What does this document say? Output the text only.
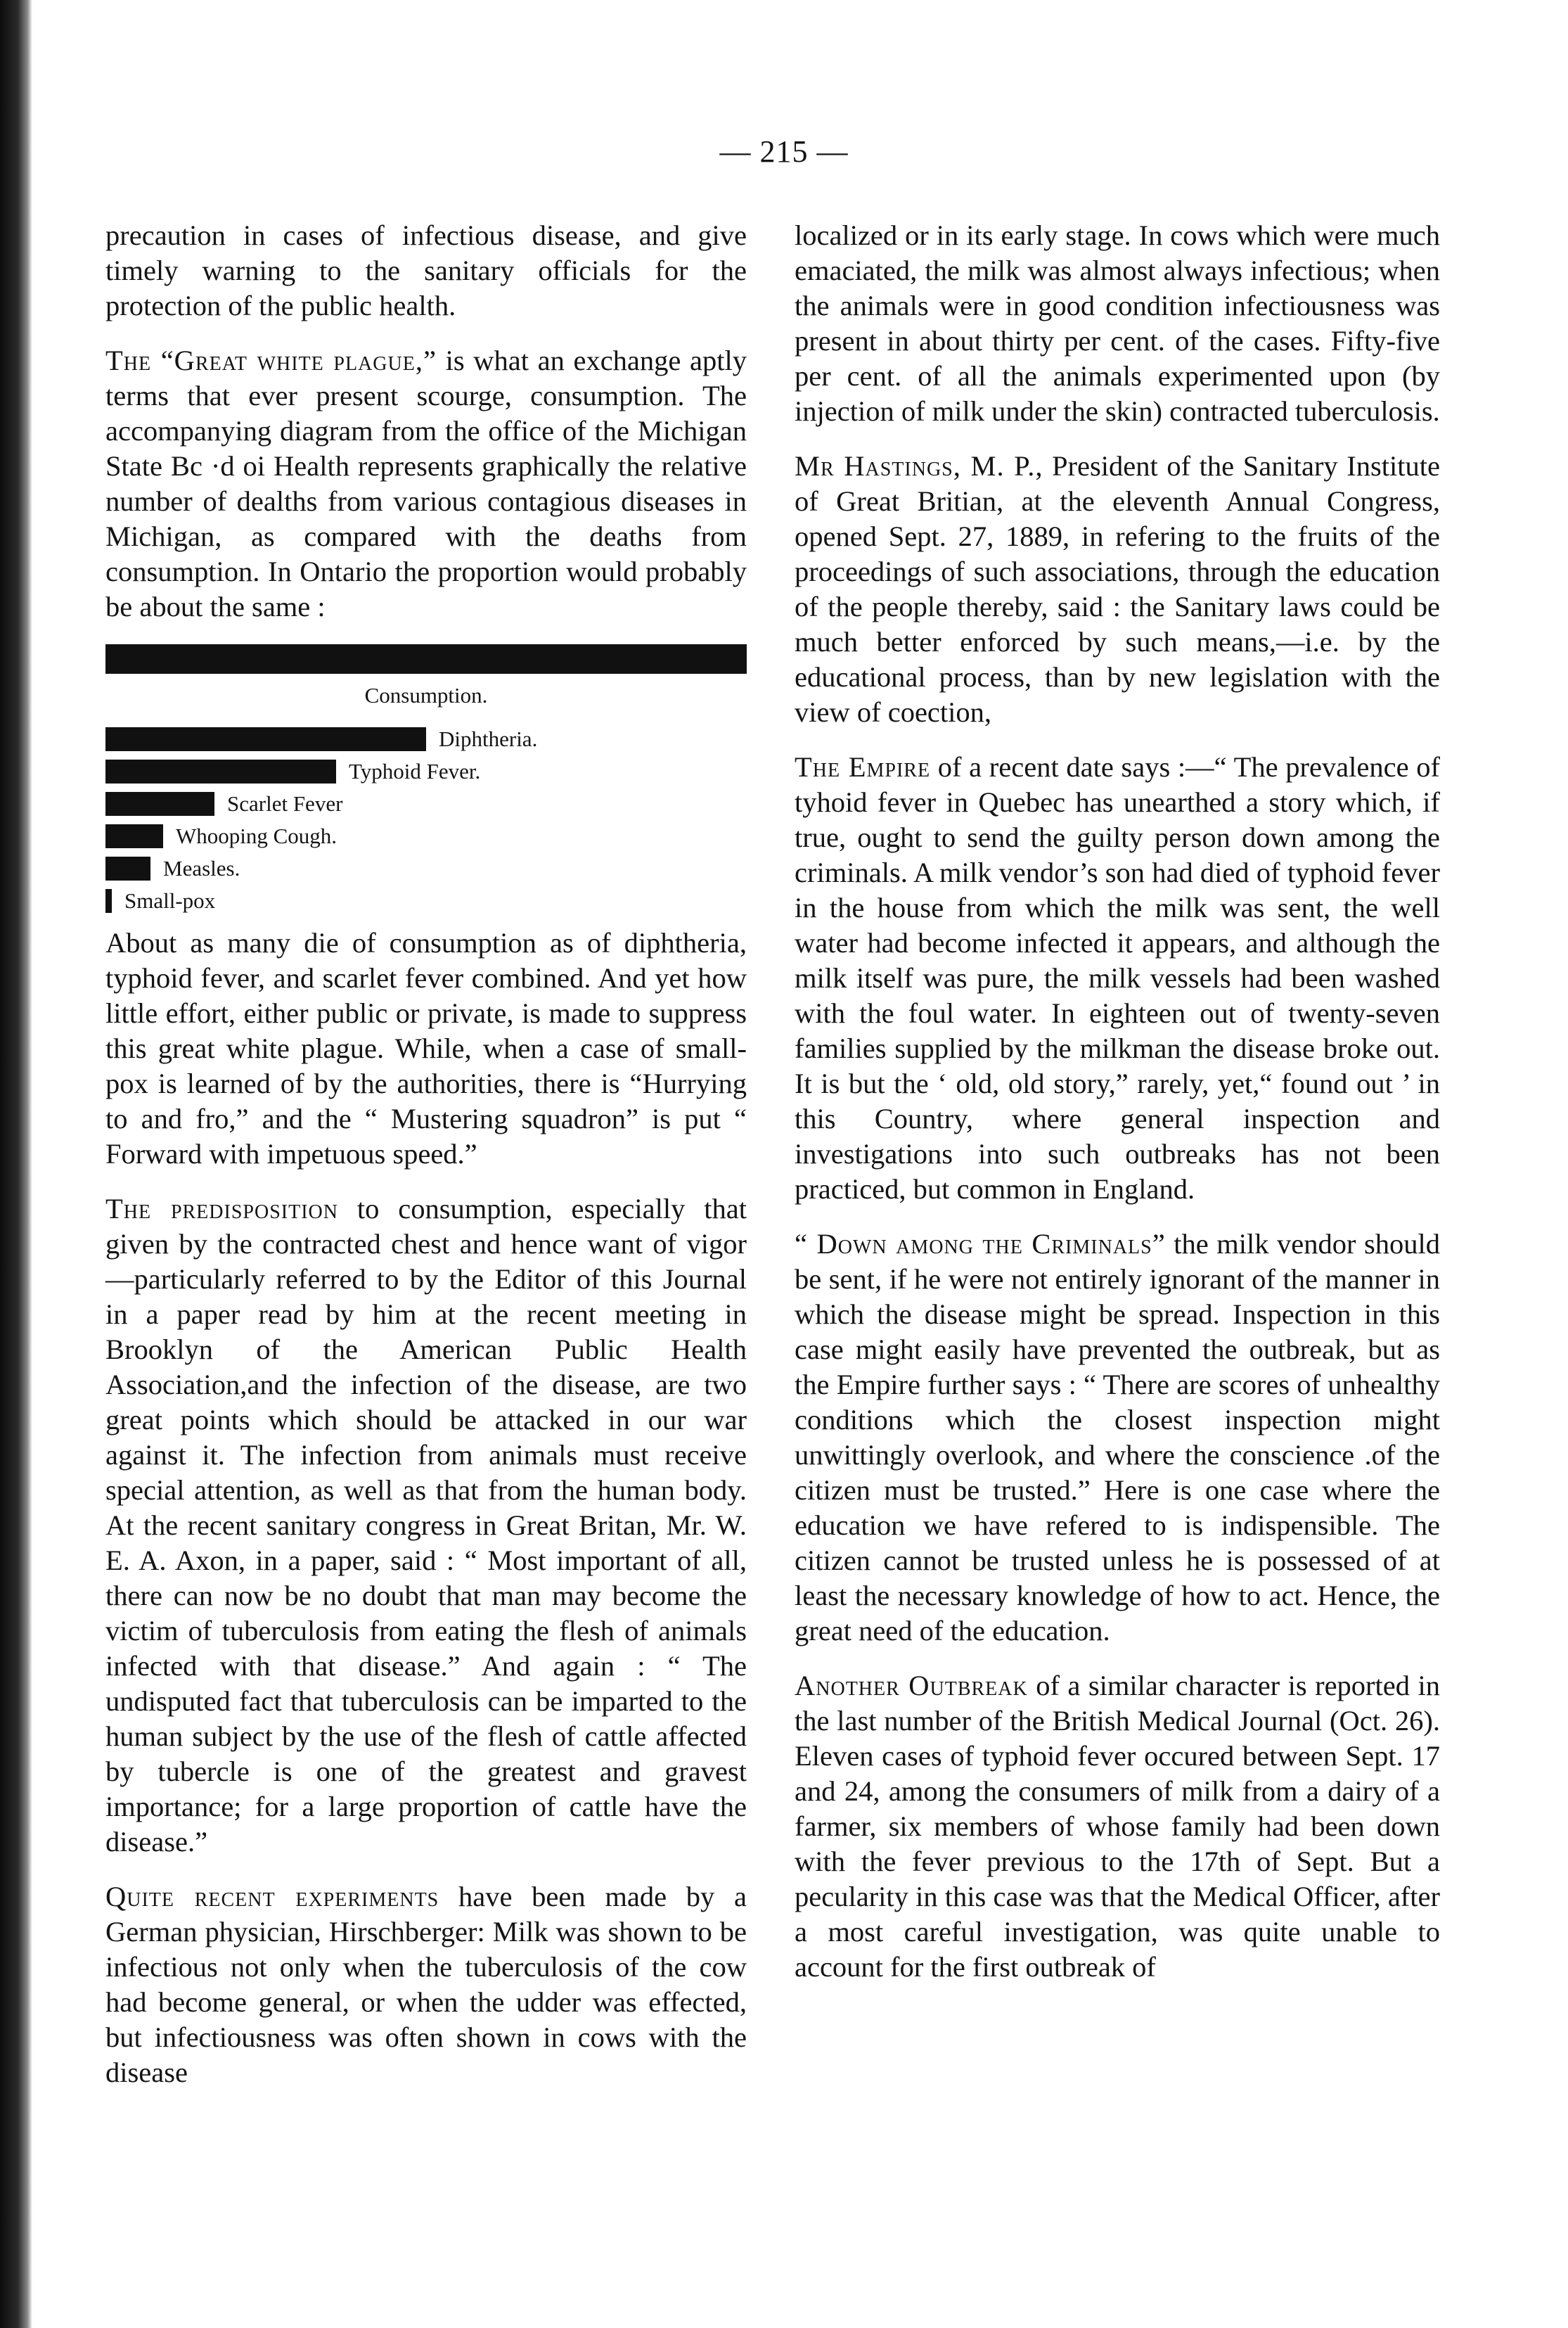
— 215 —

precaution in cases of infectious disease, and give timely warning to the sanitary officials for the protection of the public health.

The “Great white plague,” is what an exchange aptly terms that ever present scourge, consumption. The accompanying diagram from the office of the Michigan State Bc ·d oi Health represents graphically the relative number of dealths from various contagious diseases in Michigan, as compared with the deaths from consumption. In Ontario the proportion would probably be about the same :

Consumption.
Diphtheria.
Typhoid Fever.
Scarlet Fever
Whooping Cough.
Measles.
Small-pox

About as many die of consumption as of diphtheria, typhoid fever, and scarlet fever combined. And yet how little effort, either public or private, is made to suppress this great white plague. While, when a case of small-pox is learned of by the authorities, there is “Hurrying to and fro,” and the “ Mustering squadron” is put “ Forward with impetuous speed.”

The predisposition to consumption, especially that given by the contracted chest and hence want of vigor—particularly referred to by the Editor of this Journal in a paper read by him at the recent meeting in Brooklyn of the American Public Health Association,and the infection of the disease, are two great points which should be attacked in our war against it. The infection from animals must receive special attention, as well as that from the human body. At the recent sanitary congress in Great Britan, Mr. W. E. A. Axon, in a paper, said : “ Most important of all, there can now be no doubt that man may become the victim of tuberculosis from eating the flesh of animals infected with that disease.” And again : “ The undisputed fact that tuberculosis can be imparted to the human subject by the use of the flesh of cattle affected by tubercle is one of the greatest and gravest importance; for a large proportion of cattle have the disease.”

Quite recent experiments have been made by a German physician, Hirschberger: Milk was shown to be infectious not only when the tuberculosis of the cow had become general, or when the udder was effected, but infectiousness was often shown in cows with the disease

localized or in its early stage. In cows which were much emaciated, the milk was almost always infectious; when the animals were in good condition infectiousness was present in about thirty per cent. of the cases. Fifty-five per cent. of all the animals experimented upon (by injection of milk under the skin) contracted tuberculosis.

Mr Hastings, M. P., President of the Sanitary Institute of Great Britian, at the eleventh Annual Congress, opened Sept. 27, 1889, in refering to the fruits of the proceedings of such associations, through the education of the people thereby, said : the Sanitary laws could be much better enforced by such means,—i.e. by the educational process, than by new legislation with the view of coection,

The Empire of a recent date says :—“ The prevalence of tyhoid fever in Quebec has unearthed a story which, if true, ought to send the guilty person down among the criminals. A milk vendor’s son had died of typhoid fever in the house from which the milk was sent, the well water had become infected it appears, and although the milk itself was pure, the milk vessels had been washed with the foul water. In eighteen out of twenty-seven families supplied by the milkman the disease broke out. It is but the ‘ old, old story,” rarely, yet,“ found out ’ in this Country, where general inspection and investigations into such outbreaks has not been practiced, but common in England.

“ Down among the Criminals” the milk vendor should be sent, if he were not entirely ignorant of the manner in which the disease might be spread. Inspection in this case might easily have prevented the outbreak, but as the Empire further says : “ There are scores of unhealthy conditions which the closest inspection might unwittingly overlook, and where the conscience .of the citizen must be trusted.” Here is one case where the education we have refered to is indispensible. The citizen cannot be trusted unless he is possessed of at least the necessary knowledge of how to act. Hence, the great need of the education.

Another Outbreak of a similar character is reported in the last number of the British Medical Journal (Oct. 26). Eleven cases of typhoid fever occured between Sept. 17 and 24, among the consumers of milk from a dairy of a farmer, six members of whose family had been down with the fever previous to the 17th of Sept. But a pecularity in this case was that the Medical Officer, after a most careful investigation, was quite unable to account for the first outbreak of
